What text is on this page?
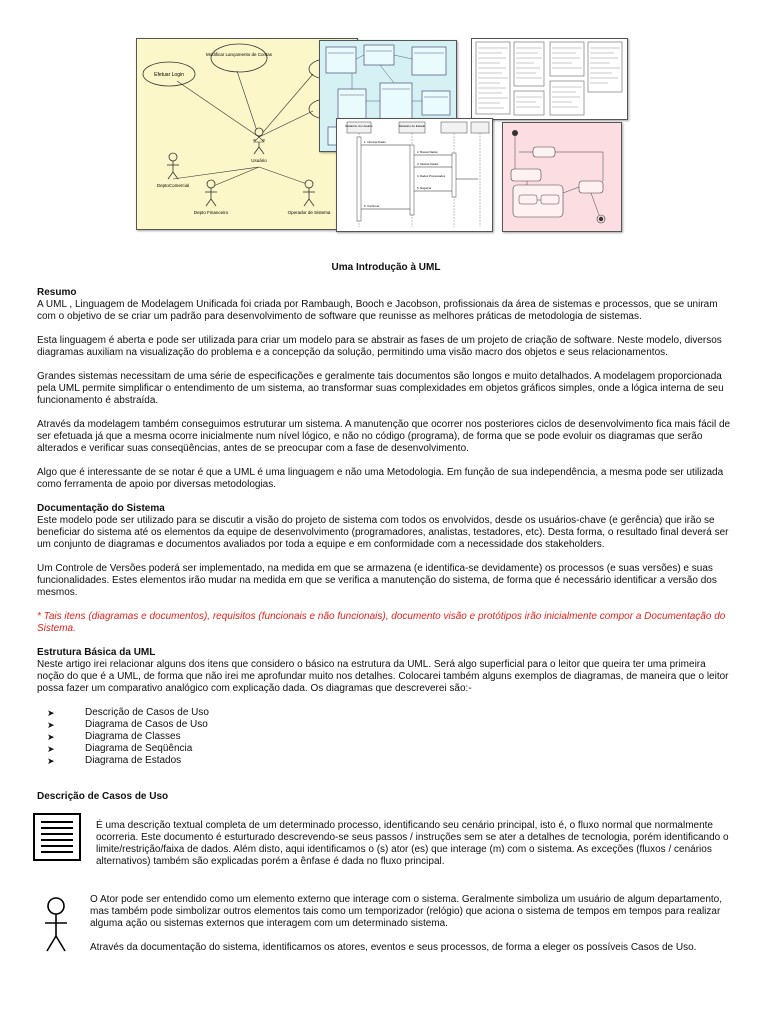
Efetuar Login
Modificar Lançamento de Contas
Usuário
DeptoComercial
Depto Financeiro	Operador de Sistema
Relatório do Usuário	Relatório do Estado
1. Informar Datas
2. Buscar Dados
3. Mostrar Dados
4. Dados Processados
5. Registrar
6. Confirmar
Uma Introdução à UML
Resumo

A UML , Linguagem de Modelagem Unificada foi criada por Rambaugh, Booch e Jacobson, profissionais da área de sistemas e processos, que se uniram com o objetivo de se criar um padrão para desenvolvimento de software que reunisse as melhores práticas de metodologia de sistemas.

Esta linguagem é aberta e pode ser utilizada para criar um modelo para se abstrair as fases de um projeto de criação de software. Neste modelo, diversos diagramas auxiliam na visualização do problema e a concepção da solução, permitindo uma visão macro dos objetos e seus relacionamentos.

Grandes sistemas necessitam de uma série de especificações e geralmente tais documentos são longos e muito detalhados. A modelagem proporcionada pela UML permite simplificar o entendimento de um sistema, ao transformar suas complexidades em objetos gráficos simples, onde a lógica interna de seu funcionamento é abstraída.

Através da modelagem também conseguimos estruturar um sistema. A manutenção que ocorrer nos posteriores ciclos de desenvolvimento fica mais fácil de ser efetuada já que a mesma ocorre inicialmente num nível lógico, e não no código (programa), de forma que se pode evoluir os diagramas que serão alterados e verificar suas conseqüências, antes de se preocupar com a fase de desenvolvimento.

Algo que é interessante de se notar é que a UML é uma linguagem e não uma Metodologia. Em função de sua independência, a mesma pode ser utilizada como ferramenta de apoio por diversas metodologias.

Documentação do Sistema

Este modelo pode ser utilizado para se discutir a visão do projeto de sistema com todos os envolvidos, desde os usuários-chave (e gerência) que irão se beneficiar do sistema até os elementos da equipe de desenvolvimento (programadores, analistas, testadores, etc). Desta forma, o resultado final deverá ser um conjunto de diagramas e documentos avaliados por toda a equipe e em conformidade com a necessidade dos stakeholders.

Um Controle de Versões poderá ser implementado, na medida em que se armazena (e identifica-se devidamente) os processos (e suas versões) e suas funcionalidades. Estes elementos irão mudar na medida em que se verifica a manutenção do sistema, de forma que é necessário identificar a versão dos mesmos.

* Tais itens (diagramas e documentos), requisitos (funcionais e não funcionais), documento visão e protótipos irão inicialmente compor a Documentação do Sistema.

Estrutura Básica da UML

Neste artigo irei relacionar alguns dos itens que considero o básico na estrutura da UML. Será algo superficial para o leitor que queira ter uma primeira noção do que é a UML, de forma que não irei me aprofundar muito nos detalhes. Colocarei também alguns exemplos de diagramas, de maneira que o leitor possa fazer um comparativo analógico com explicação dada. Os diagramas que descreverei são:-

➤	Descrição de Casos de Uso
➤	Diagrama de Casos de Uso
➤	Diagrama de Classes
➤	Diagrama de Seqüência
➤	Diagrama de Estados
Descrição de Casos de Uso
É uma descrição textual completa de um determinado processo, identificando seu cenário principal, isto é, o fluxo normal que normalmente ocorreria. Este documento é esturturado descrevendo-se seus passos / instruções sem se ater a detalhes de tecnologia, porém identificando o limite/restrição/faixa de dados. Além disto, aqui identificamos o (s) ator (es) que interage (m) com o sistema. As exceções (fluxos / cenários alternativos) também são explicadas porém a ênfase é dada no fluxo principal.

O Ator pode ser entendido como um elemento externo que interage com o sistema. Geralmente simboliza um usuário de algum departamento, mas também pode simbolizar outros elementos tais como um temporizador (relógio) que aciona o sistema de tempos em tempos para realizar alguma ação ou sistemas externos que interagem com um determinado sistema.

Através da documentação do sistema, identificamos os atores, eventos e seus processos, de forma a eleger os possíveis Casos de Uso.
